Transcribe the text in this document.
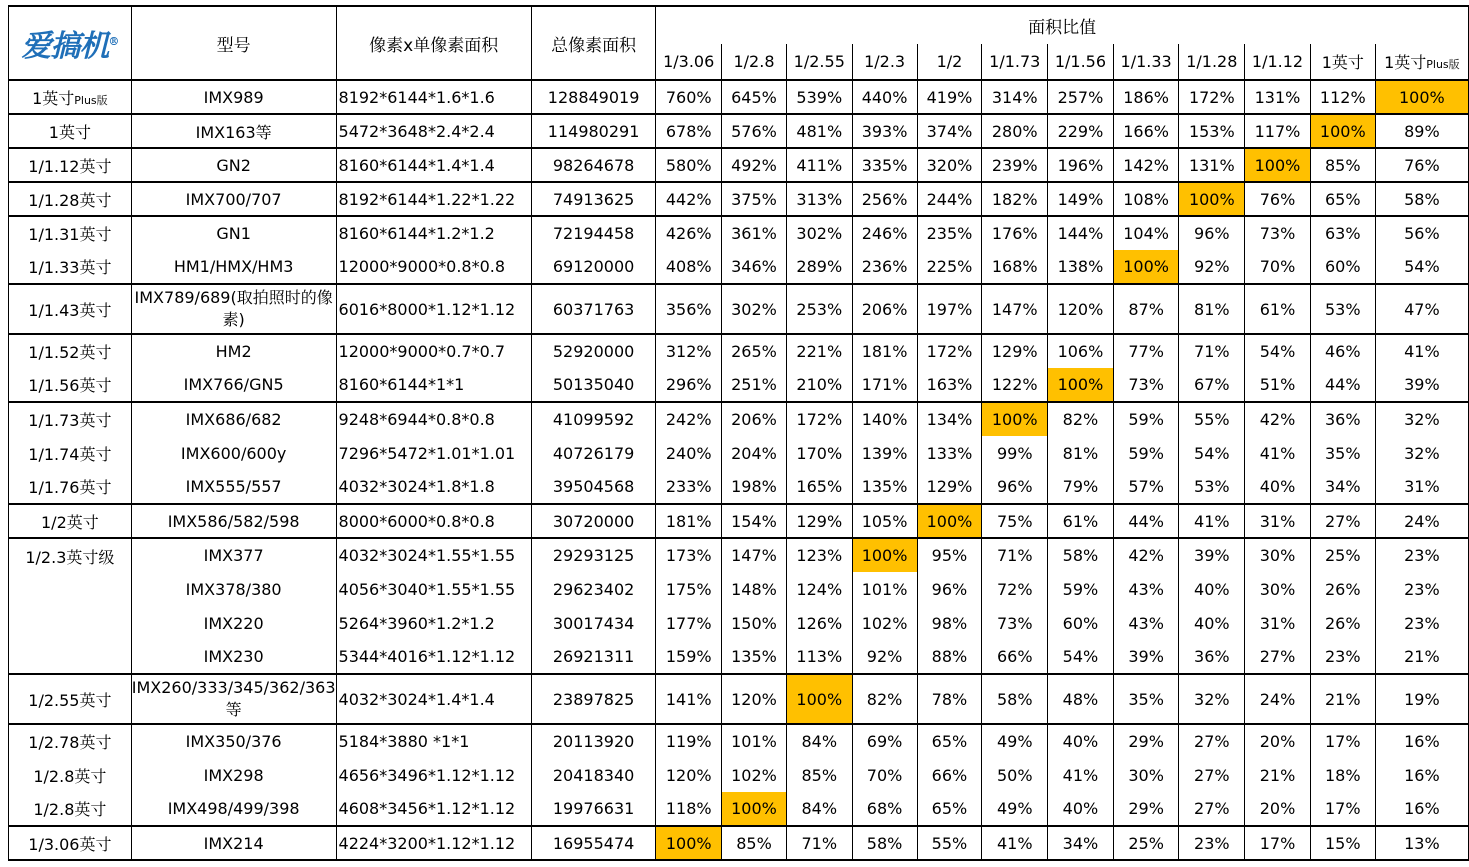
爱搞机®	型号	像素x单像素面积	总像素面积	面积比值											
				1/3.06	1/2.8	1/2.55	1/2.3	1/2	1/1.73	1/1.56	1/1.33	1/1.28	1/1.12	1英寸	1英寸Plus版
1英寸Plus版	IMX989	8192*6144*1.6*1.6	128849019	760%	645%	539%	440%	419%	314%	257%	186%	172%	131%	112%	100%
1英寸	IMX163等	5472*3648*2.4*2.4	114980291	678%	576%	481%	393%	374%	280%	229%	166%	153%	117%	100%	89%
1/1.12英寸	GN2	8160*6144*1.4*1.4	98264678	580%	492%	411%	335%	320%	239%	196%	142%	131%	100%	85%	76%
1/1.28英寸	IMX700/707	8192*6144*1.22*1.22	74913625	442%	375%	313%	256%	244%	182%	149%	108%	100%	76%	65%	58%
1/1.31英寸	GN1	8160*6144*1.2*1.2	72194458	426%	361%	302%	246%	235%	176%	144%	104%	96%	73%	63%	56%
1/1.33英寸	HM1/HMX/HM3	12000*9000*0.8*0.8	69120000	408%	346%	289%	236%	225%	168%	138%	100%	92%	70%	60%	54%
1/1.43英寸	IMX789/689(取拍照时的像素)	6016*8000*1.12*1.12	60371763	356%	302%	253%	206%	197%	147%	120%	87%	81%	61%	53%	47%
1/1.52英寸	HM2	12000*9000*0.7*0.7	52920000	312%	265%	221%	181%	172%	129%	106%	77%	71%	54%	46%	41%
1/1.56英寸	IMX766/GN5	8160*6144*1*1	50135040	296%	251%	210%	171%	163%	122%	100%	73%	67%	51%	44%	39%
1/1.73英寸	IMX686/682	9248*6944*0.8*0.8	41099592	242%	206%	172%	140%	134%	100%	82%	59%	55%	42%	36%	32%
1/1.74英寸	IMX600/600y	7296*5472*1.01*1.01	40726179	240%	204%	170%	139%	133%	99%	81%	59%	54%	41%	35%	32%
1/1.76英寸	IMX555/557	4032*3024*1.8*1.8	39504568	233%	198%	165%	135%	129%	96%	79%	57%	53%	40%	34%	31%
1/2英寸	IMX586/582/598	8000*6000*0.8*0.8	30720000	181%	154%	129%	105%	100%	75%	61%	44%	41%	31%	27%	24%
1/2.3英寸级	IMX377	4032*3024*1.55*1.55	29293125	173%	147%	123%	100%	95%	71%	58%	42%	39%	30%	25%	23%
	IMX378/380	4056*3040*1.55*1.55	29623402	175%	148%	124%	101%	96%	72%	59%	43%	40%	30%	26%	23%
	IMX220	5264*3960*1.2*1.2	30017434	177%	150%	126%	102%	98%	73%	60%	43%	40%	31%	26%	23%
	IMX230	5344*4016*1.12*1.12	26921311	159%	135%	113%	92%	88%	66%	54%	39%	36%	27%	23%	21%
1/2.55英寸	IMX260/333/345/362/363等	4032*3024*1.4*1.4	23897825	141%	120%	100%	82%	78%	58%	48%	35%	32%	24%	21%	19%
1/2.78英寸	IMX350/376	5184*3880 *1*1	20113920	119%	101%	84%	69%	65%	49%	40%	29%	27%	20%	17%	16%
1/2.8英寸	IMX298	4656*3496*1.12*1.12	20418340	120%	102%	85%	70%	66%	50%	41%	30%	27%	21%	18%	16%
1/2.8英寸	IMX498/499/398	4608*3456*1.12*1.12	19976631	118%	100%	84%	68%	65%	49%	40%	29%	27%	20%	17%	16%
1/3.06英寸	IMX214	4224*3200*1.12*1.12	16955474	100%	85%	71%	58%	55%	41%	34%	25%	23%	17%	15%	13%
